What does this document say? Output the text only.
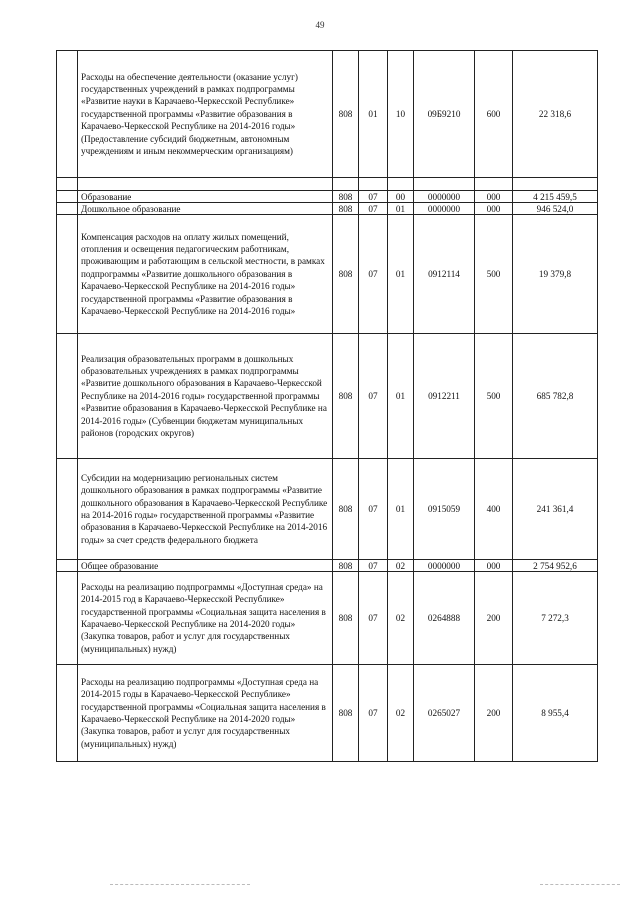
49
	Расходы на обеспечение деятельности (оказание услуг) государственных учреждений в рамках подпрограммы «Развитие науки в Карачаево-Черкесской Республике» государственной программы «Развитие образования в Карачаево-Черкесской Республике на 2014-2016 годы» (Предоставление субсидий бюджетным, автономным учреждениям и иным некоммерческим организациям)	808	01	10	09Б9210	600	22 318,6

	Образование	808	07	00	0000000	000	4 215 459,5
	Дошкольное образование	808	07	01	0000000	000	946 524,0
	Компенсация расходов на оплату жилых помещений, отопления и освещения педагогическим работникам, проживающим и работающим в сельской местности, в рамках подпрограммы «Развитие дошкольного образования в Карачаево-Черкесской Республике на 2014-2016 годы» государственной программы «Развитие образования в Карачаево-Черкесской Республике на 2014-2016 годы»	808	07	01	0912114	500	19 379,8
	Реализация образовательных программ в дошкольных образовательных учреждениях в рамках подпрограммы «Развитие дошкольного образования в Карачаево-Черкесской Республике на 2014-2016 годы» государственной программы «Развитие образования в Карачаево-Черкесской Республике на 2014-2016 годы» (Субвенции бюджетам муниципальных районов (городских округов)	808	07	01	0912211	500	685 782,8
	Субсидии на модернизацию региональных систем дошкольного образования в рамках подпрограммы «Развитие дошкольного образования в Карачаево-Черкесской Республике на 2014-2016 годы» государственной программы «Развитие образования в Карачаево-Черкесской Республике на 2014-2016 годы» за счет средств федерального бюджета	808	07	01	0915059	400	241 361,4
	Общее образование	808	07	02	0000000	000	2 754 952,6
	Расходы на реализацию подпрограммы «Доступная среда» на 2014-2015 год в Карачаево-Черкесской Республике» государственной программы «Социальная защита населения в Карачаево-Черкесской Республике на 2014-2020 годы» (Закупка товаров, работ и услуг для государственных (муниципальных) нужд)	808	07	02	0264888	200	7 272,3
	Расходы на реализацию подпрограммы «Доступная среда на 2014-2015 годы в Карачаево-Черкесской Республике» государственной программы «Социальная защита населения в Карачаево-Черкесской Республике на 2014-2020 годы» (Закупка товаров, работ и услуг для государственных (муниципальных) нужд)	808	07	02	0265027	200	8 955,4
